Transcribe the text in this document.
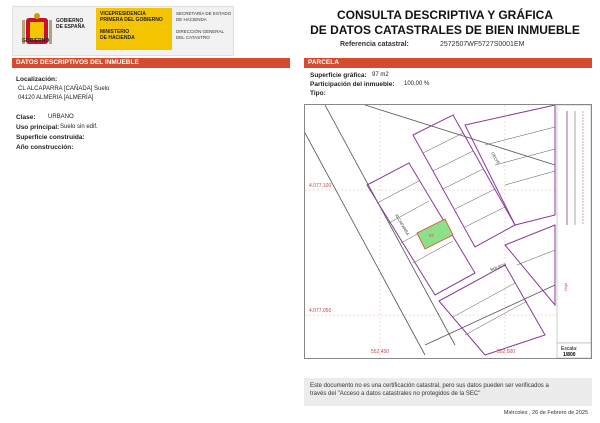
GOBIERNO
GOBIERNO
DE ESPAÑA
VICEPRESIDENCIA
PRIMERA DEL GOBIERNO
MINISTERIO
DE HACIENDA
SECRETARÍA DE ESTADO
DE HACIENDA
DIRECCIÓN GENERAL
DEL CATASTRO
CONSULTA DESCRIPTIVA Y GRÁFICA
DE DATOS CATASTRALES DE BIEN INMUEBLE
Referencia catastral:	2572507WF5727S0001EM
DATOS DESCRIPTIVOS DEL INMUEBLE
Localización:
CL ALCAPARRA [CAÑADA] Suelo
04120 ALMERIA [ALMERÍA]
Clase: URBANO
Uso principal: Suelo sin edif.
Superficie construida:
Año construcción:
PARCELA
Superficie gráfica: 97 m2
Participación del inmueble: 100,00 %
Tipo:
4.077.100
4.077.050
552.450	552.500
ALCAPARRA
GELVE
BOLAOS
07
Hoja
Escala:
1/800
Este documento no es una certificación catastral, pero sus datos pueden ser verificados a
través del "Acceso a datos catastrales no protegidos de la SEC"
Miércoles , 26 de Febrero de 2025
